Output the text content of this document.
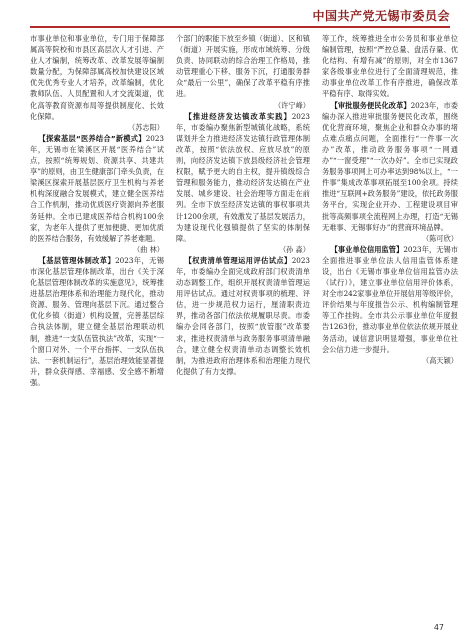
中国共产党无锡市委员会

市事业单位和事业单位，专门用于保障部属高等院校和市县区高层次人才引进、产业人才编制，统筹改革、改革发展等编制数量分配，为保障部属高校加快建设区域优先优秀专业人才培养，改革编制，优化教师队伍、人员配置和人才交流渠道，优化高等教育资源布局等提供制度化、长效化保障。

（苏志阳）

【探索基层“医养结合”新模式】2023年，无锡市在梁溪区开展“医养结合”试点，按照“统筹规划、资源共享、共建共享”的原则，由卫生健康部门牵头负责，在梁溪区探索开展基层医疗卫生机构与养老机构深度融合发展模式，建立健全医养结合工作机制，推动优质医疗资源向养老服务延伸。全市已建成医养结合机构100余家，为老年人提供了更加便捷、更加优质的医养结合服务，有效缓解了养老难题。

（曲 林）

【基层管理体制改革】2023年，无锡市深化基层管理体制改革，出台《关于深化基层管理体制改革的实施意见》，统筹推进基层治理体系和治理能力现代化，推动资源、服务、管理向基层下沉。通过整合优化乡镇（街道）机构设置，完善基层综合执法体制，建立健全基层治理联动机制，推进“一支队伍管执法”改革，实现“一个窗口对外、一个平台指挥、一支队伍执法、一套机制运行”，基层治理效能显著提升，群众获得感、幸福感、安全感不断增强。

个部门的职能下放至乡镇（街道）、区和镇（街道）开展实施，形成市域统筹、分级负责、协同联动的综合治理工作格局，推动管理重心下移、服务下沉，打通服务群众“最后一公里”，确保了改革平稳有序推进。

（许宁峰）

【推进经济发达镇改革实践】2023年，市委编办聚焦新型城镇化战略，系统谋划并全力推进经济发达镇行政管理体制改革，按照“依法放权、应放尽放”的原则，向经济发达镇下放县级经济社会管理权限，赋予更大的自主权，提升镇级综合管理和服务能力，推动经济发达镇在产业发展、城乡建设、社会治理等方面走在前列。全市下放至经济发达镇的事权事项共计1200余项，有效激发了基层发展活力，为建设现代化强镇提供了坚实的体制保障。

（孙 淼）

【权责清单管理运用评估试点】2023年，市委编办全面完成政府部门权责清单动态调整工作，组织开展权责清单管理运用评估试点。通过对权责事项的梳理、评估，进一步规范权力运行，厘清职责边界，推动各部门依法依规履职尽责。市委编办会同各部门，按照“放管服”改革要求，推进权责清单与政务服务事项清单融合，建立健全权责清单动态调整长效机制，为推进政府治理体系和治理能力现代化提供了有力支撑。

等工作，统筹推进全市公务员和事业单位编制管理，按照“严控总量、盘活存量、优化结构、有增有减”的原则，对全市1367家各级事业单位进行了全面清理规范，推动事业单位改革工作有序推进，确保改革平稳有序、取得实效。

【审批服务便民化改革】2023年，市委编办深入推进审批服务便民化改革，围绕优化营商环境，聚焦企业和群众办事的堵点难点痛点问题，全面推行“一件事一次办”改革，推动政务服务事项“一网通办”“一窗受理”“一次办好”。全市已实现政务服务事项网上可办率达到98%以上，“一件事”集成改革事项拓展至100余项。持续推进“互联网+政务服务”建设，依托政务服务平台，实现企业开办、工程建设项目审批等高频事项全流程网上办理，打造“无锡无难事、无锡事好办”的营商环境品牌。

（陈可欣）

【事业单位信用监管】2023年，无锡市全面推进事业单位法人信用监管体系建设，出台《无锡市事业单位信用监管办法（试行）》，建立事业单位信用评价体系，对全市242家事业单位开展信用等级评价，评价结果与年度报告公示、机构编制管理等工作挂钩。全市共公示事业单位年度报告1263份，推动事业单位依法依规开展业务活动，诚信意识明显增强，事业单位社会公信力进一步提升。

（高天颖）

47
